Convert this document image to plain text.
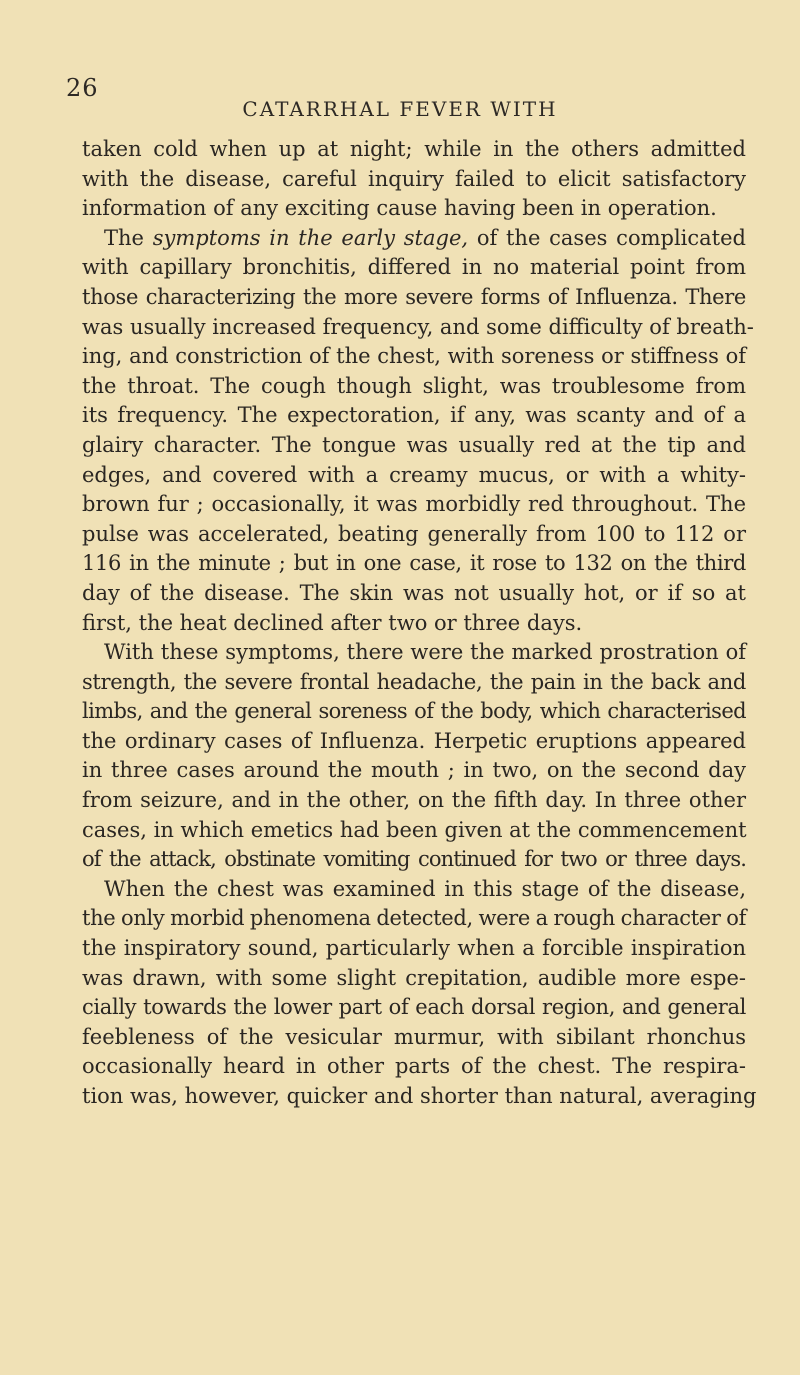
26
CATARRHAL FEVER WITH
taken cold when up at night; while in the others admitted
with the disease, careful inquiry failed to elicit satisfactory
information of any exciting cause having been in operation.
The symptoms in the early stage, of the cases complicated
with capillary bronchitis, differed in no material point from
those characterizing the more severe forms of Influenza. There
was usually increased frequency, and some difficulty of breath-
ing, and constriction of the chest, with soreness or stiffness of
the throat. The cough though slight, was troublesome from
its frequency. The expectoration, if any, was scanty and of a
glairy character. The tongue was usually red at the tip and
edges, and covered with a creamy mucus, or with a whity-
brown fur ; occasionally, it was morbidly red throughout. The
pulse was accelerated, beating generally from 100 to 112 or
116 in the minute ; but in one case, it rose to 132 on the third
day of the disease. The skin was not usually hot, or if so at
first, the heat declined after two or three days.
With these symptoms, there were the marked prostration of
strength, the severe frontal headache, the pain in the back and
limbs, and the general soreness of the body, which characterised
the ordinary cases of Influenza. Herpetic eruptions appeared
in three cases around the mouth ; in two, on the second day
from seizure, and in the other, on the fifth day. In three other
cases, in which emetics had been given at the commencement
of the attack, obstinate vomiting continued for two or three days.
When the chest was examined in this stage of the disease,
the only morbid phenomena detected, were a rough character of
the inspiratory sound, particularly when a forcible inspiration
was drawn, with some slight crepitation, audible more espe-
cially towards the lower part of each dorsal region, and general
feebleness of the vesicular murmur, with sibilant rhonchus
occasionally heard in other parts of the chest. The respira-
tion was, however, quicker and shorter than natural, averaging
